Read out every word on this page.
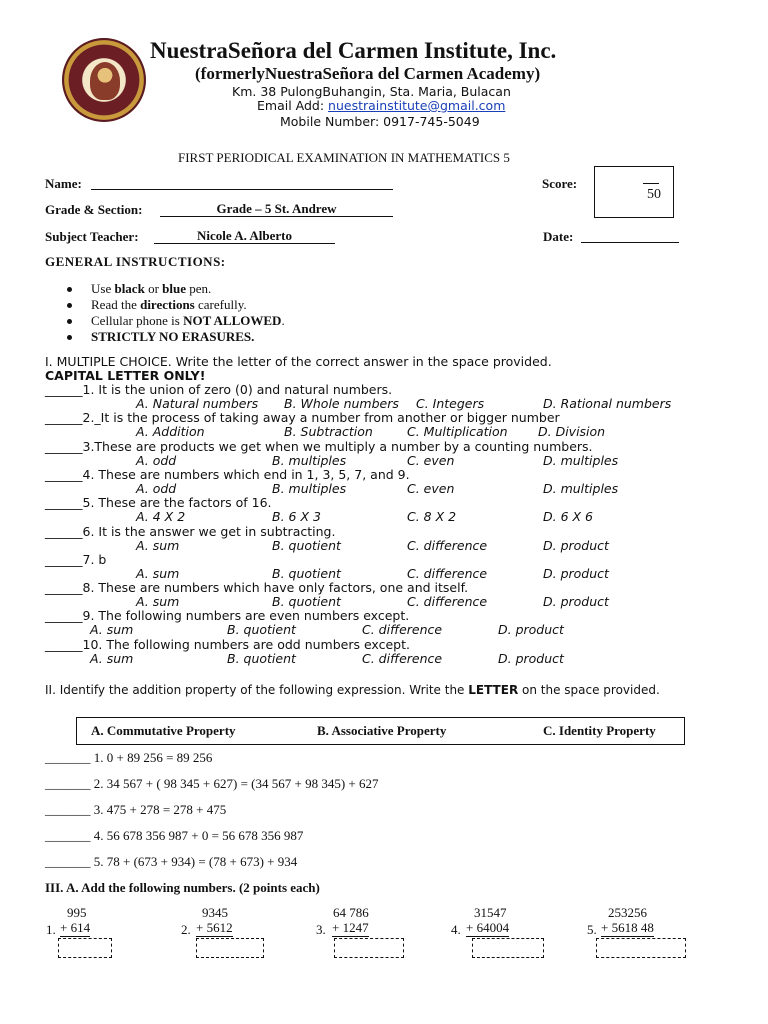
NuestraSeñora del Carmen Institute, Inc.
(formerlyNuestraSeñora del Carmen Academy)
Km. 38 PulongBuhangin, Sta. Maria, Bulacan
Email Add: nuestrainstitute@gmail.com
Mobile Number: 0917-745-5049
FIRST PERIODICAL EXAMINATION IN MATHEMATICS 5
Name:	Score:
50
Grade & Section:	Grade – 5 St. Andrew
Subject Teacher:	Nicole A. Alberto	Date:
GENERAL INSTRUCTIONS:
Use black or blue pen.
Read the directions carefully.
Cellular phone is NOT ALLOWED.
STRICTLY NO ERASURES.
I. MULTIPLE CHOICE. Write the letter of the correct answer in the space provided.
CAPITAL LETTER ONLY!
______1. It is the union of zero (0) and natural numbers.
A. Natural numbers B. Whole numbers C. Integers	D. Rational numbers
______2._It is the process of taking away a number from another or bigger number
A. Addition	B. Subtraction	C. Multiplication D. Division
______3.These are products we get when we multiply a number by a counting numbers.
A. odd	B. multiples	C. even	D. multiples
______4. These are numbers which end in 1, 3, 5, 7, and 9.
A. odd	B. multiples	C. even	D. multiples
______5. These are the factors of 16.
A. 4 X 2	B. 6 X 3	C. 8 X 2	D. 6 X 6
______6. It is the answer we get in subtracting.
A. sum	B. quotient	C. difference	D. product
______7. b
A. sum	B. quotient	C. difference	D. product
______8. These are numbers which have only factors, one and itself.
A. sum	B. quotient	C. difference	D. product
______9. The following numbers are even numbers except.
A. sum	B. quotient	C. difference	D. product
______10. The following numbers are odd numbers except.
A. sum	B. quotient	C. difference	D. product
II. Identify the addition property of the following expression. Write the LETTER on the space provided.
A. Commutative Property	B. Associative Property	C. Identity Property
_______ 1. 0 + 89 256 = 89 256
_______ 2. 34 567 + ( 98 345 + 627) = (34 567 + 98 345) + 627
_______ 3. 475 + 278 = 278 + 475
_______ 4. 56 678 356 987 + 0 = 56 678 356 987
_______ 5. 78 + (673 + 934) = (78 + 673) + 934
III. A. Add the following numbers. (2 points each)
995
1. + 614
9345
2. + 5612
64 786
3. + 1247
31547
4. + 64004
253256
5. + 5618 48
